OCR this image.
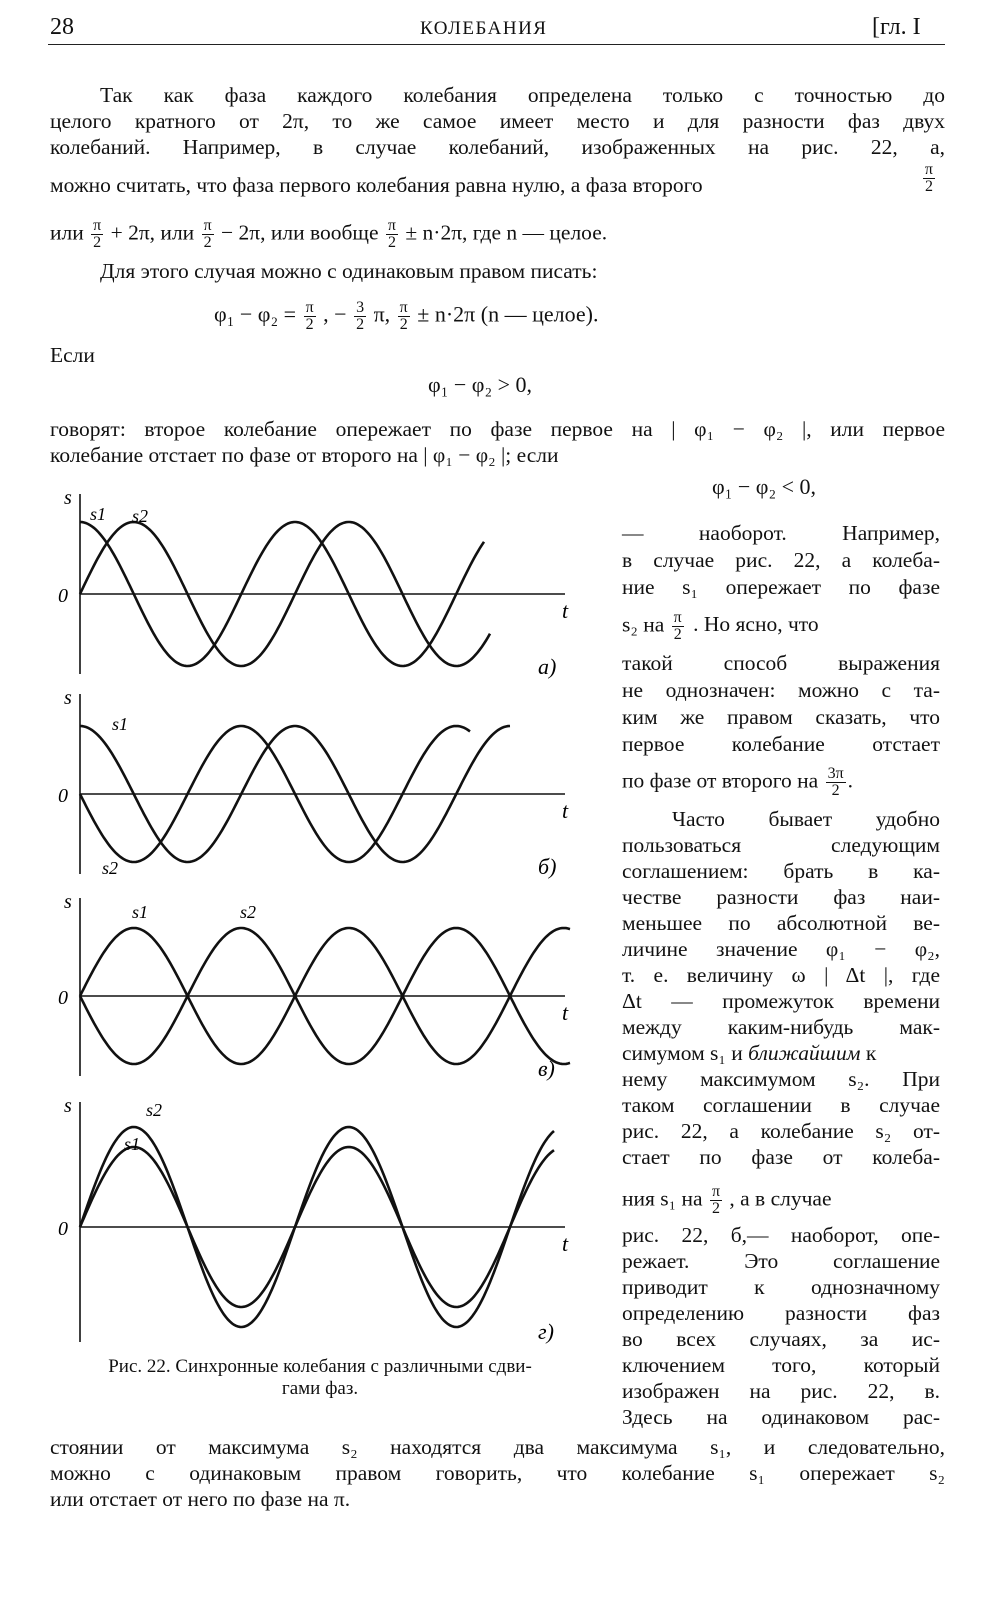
28	КОЛЕБАНИЯ	[гл. I
Так как фаза каждого колебания определена только с точностью до
целого кратного от 2π, то же самое имеет место и для разности фаз двух
колебаний. Например, в случае колебаний, изображенных на рис. 22, а,
можно считать, что фаза первого колебания равна нулю, а фаза второго	$\frac{\pi}{2}$
или $\frac{\pi}{2} + 2\pi$, или $\frac{\pi}{2} - 2\pi$, или вообще $\frac{\pi}{2} \pm n\cdot 2\pi$, где n — целое.
Для этого случая можно с одинаковым правом писать:
$\varphi_1 - \varphi_2 = \frac{\pi}{2}$ , − $\frac{3}{2} \pi$, $\frac{\pi}{2} \pm n\cdot 2\pi$ (n — целое).
Если
φ₁ − φ₂ > 0,
говорят: второе колебание опережает по фазе первое на | φ₁ − φ₂ |, или первое
колебание отстает по фазе от второго на | φ₁ − φ₂ |; если
φ₁ − φ₂ < 0,
s
0
t
а)
s
0
t
б)
s
0
t
в)
s
0
t
г)
s1 s2
s1
s2
s1	s2
s2
s1
Рис. 22. Синхронные колебания с различными сдви-
гами фаз.
— наоборот. Например,
в случае рис. 22, а колеба-
ние s₁ опережает по фазе
s₂ на $\frac{\pi}{2}$ . Но ясно, что
такой способ выражения
не однозначен: можно с та-
ким же правом сказать, что
первое колебание отстает
по фазе от второго на $\frac{3\pi}{2}$ .
Часто бывает удобно
пользоваться следующим
соглашением: брать в ка-
честве разности фаз наи-
меньшее по абсолютной ве-
личине значение φ₁ − φ₂,
т. е. величину ω | Δt |, где
Δt — промежуток времени
между каким-нибудь мак-
симумом s₁ и ближайшим к
нему максимумом s₂. При
таком соглашении в случае
рис. 22, а колебание s₂ от-
стает по фазе от колеба-
ния s₁ на $\frac{\pi}{2}$ , а в случае
рис. 22, б,— наоборот, опе-
режает. Это соглашение
приводит к однозначному
определению разности фаз
во всех случаях, за ис-
ключением того, который
изображен на рис. 22, в.
Здесь на одинаковом рас-
стоянии от максимума s₂ находятся два максимума s₁, и следовательно,
можно с одинаковым правом говорить, что колебание s₁ опережает s₂
или отстает от него по фазе на π.
